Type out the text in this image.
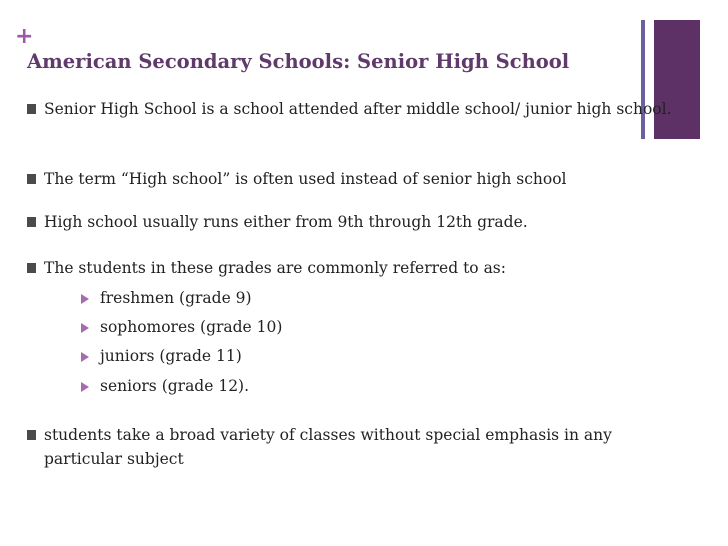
+
American Secondary Schools: Senior High School
Senior High School is a school attended after middle school/ junior high school.
The term “High school” is often used instead of senior high school
High school usually runs either from 9th through 12th grade.
The students in these grades are commonly referred to as:
freshmen (grade 9)
sophomores (grade 10)
juniors (grade 11)
seniors (grade 12).
students take a broad variety of classes without special emphasis in any particular subject
